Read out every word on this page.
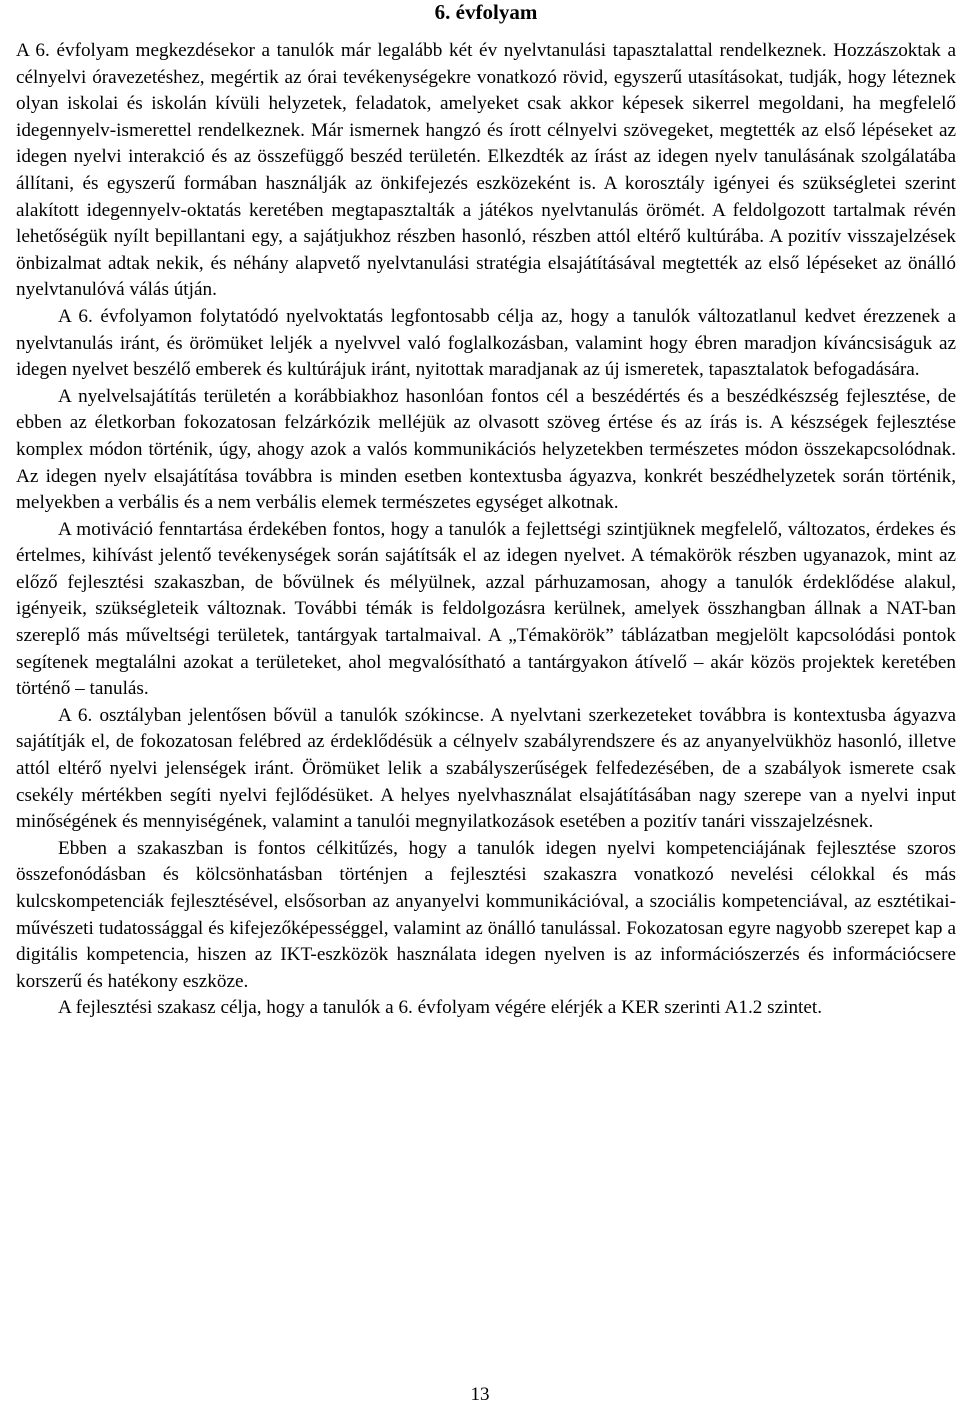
6. évfolyam

A 6. évfolyam megkezdésekor a tanulók már legalább két év nyelvtanulási tapasztalattal rendelkeznek. Hozzászoktak a célnyelvi óravezetéshez, megértik az órai tevékenységekre vonatkozó rövid, egyszerű utasításokat, tudják, hogy léteznek olyan iskolai és iskolán kívüli helyzetek, feladatok, amelyeket csak akkor képesek sikerrel megoldani, ha megfelelő idegennyelv-ismerettel rendelkeznek. Már ismernek hangzó és írott célnyelvi szövegeket, megtették az első lépéseket az idegen nyelvi interakció és az összefüggő beszéd területén. Elkezdték az írást az idegen nyelv tanulásának szolgálatába állítani, és egyszerű formában használják az önkifejezés eszközeként is. A korosztály igényei és szükségletei szerint alakított idegennyelv-oktatás keretében megtapasztalták a játékos nyelvtanulás örömét. A feldolgozott tartalmak révén lehetőségük nyílt bepillantani egy, a sajátjukhoz részben hasonló, részben attól eltérő kultúrába. A pozitív visszajelzések önbizalmat adtak nekik, és néhány alapvető nyelvtanulási stratégia elsajátításával megtették az első lépéseket az önálló nyelvtanulóvá válás útján.

A 6. évfolyamon folytatódó nyelvoktatás legfontosabb célja az, hogy a tanulók változatlanul kedvet érezzenek a nyelvtanulás iránt, és örömüket leljék a nyelvvel való foglalkozásban, valamint hogy ébren maradjon kíváncsiságuk az idegen nyelvet beszélő emberek és kultúrájuk iránt, nyitottak maradjanak az új ismeretek, tapasztalatok befogadására.

A nyelvelsajátítás területén a korábbiakhoz hasonlóan fontos cél a beszédértés és a beszédkészség fejlesztése, de ebben az életkorban fokozatosan felzárkózik melléjük az olvasott szöveg értése és az írás is. A készségek fejlesztése komplex módon történik, úgy, ahogy azok a valós kommunikációs helyzetekben természetes módon összekapcsolódnak. Az idegen nyelv elsajátítása továbbra is minden esetben kontextusba ágyazva, konkrét beszédhelyzetek során történik, melyekben a verbális és a nem verbális elemek természetes egységet alkotnak.

A motiváció fenntartása érdekében fontos, hogy a tanulók a fejlettségi szintjüknek megfelelő, változatos, érdekes és értelmes, kihívást jelentő tevékenységek során sajátítsák el az idegen nyelvet. A témakörök részben ugyanazok, mint az előző fejlesztési szakaszban, de bővülnek és mélyülnek, azzal párhuzamosan, ahogy a tanulók érdeklődése alakul, igényeik, szükségleteik változnak. További témák is feldolgozásra kerülnek, amelyek összhangban állnak a NAT-ban szereplő más műveltségi területek, tantárgyak tartalmaival. A „Témakörök” táblázatban megjelölt kapcsolódási pontok segítenek megtalálni azokat a területeket, ahol megvalósítható a tantárgyakon átívelő – akár közös projektek keretében történő – tanulás.

A 6. osztályban jelentősen bővül a tanulók szókincse. A nyelvtani szerkezeteket továbbra is kontextusba ágyazva sajátítják el, de fokozatosan felébred az érdeklődésük a célnyelv szabályrendszere és az anyanyelvükhöz hasonló, illetve attól eltérő nyelvi jelenségek iránt. Örömüket lelik a szabályszerűségek felfedezésében, de a szabályok ismerete csak csekély mértékben segíti nyelvi fejlődésüket. A helyes nyelvhasználat elsajátításában nagy szerepe van a nyelvi input minőségének és mennyiségének, valamint a tanulói megnyilatkozások esetében a pozitív tanári visszajelzésnek.

Ebben a szakaszban is fontos célkitűzés, hogy a tanulók idegen nyelvi kompetenciájának fejlesztése szoros összefonódásban és kölcsönhatásban történjen a fejlesztési szakaszra vonatkozó nevelési célokkal és más kulcskompetenciák fejlesztésével, elsősorban az anyanyelvi kommunikációval, a szociális kompetenciával, az esztétikai-művészeti tudatossággal és kifejezőképességgel, valamint az önálló tanulással. Fokozatosan egyre nagyobb szerepet kap a digitális kompetencia, hiszen az IKT-eszközök használata idegen nyelven is az információszerzés és információcsere korszerű és hatékony eszköze.

A fejlesztési szakasz célja, hogy a tanulók a 6. évfolyam végére elérjék a KER szerinti A1.2 szintet.

13
